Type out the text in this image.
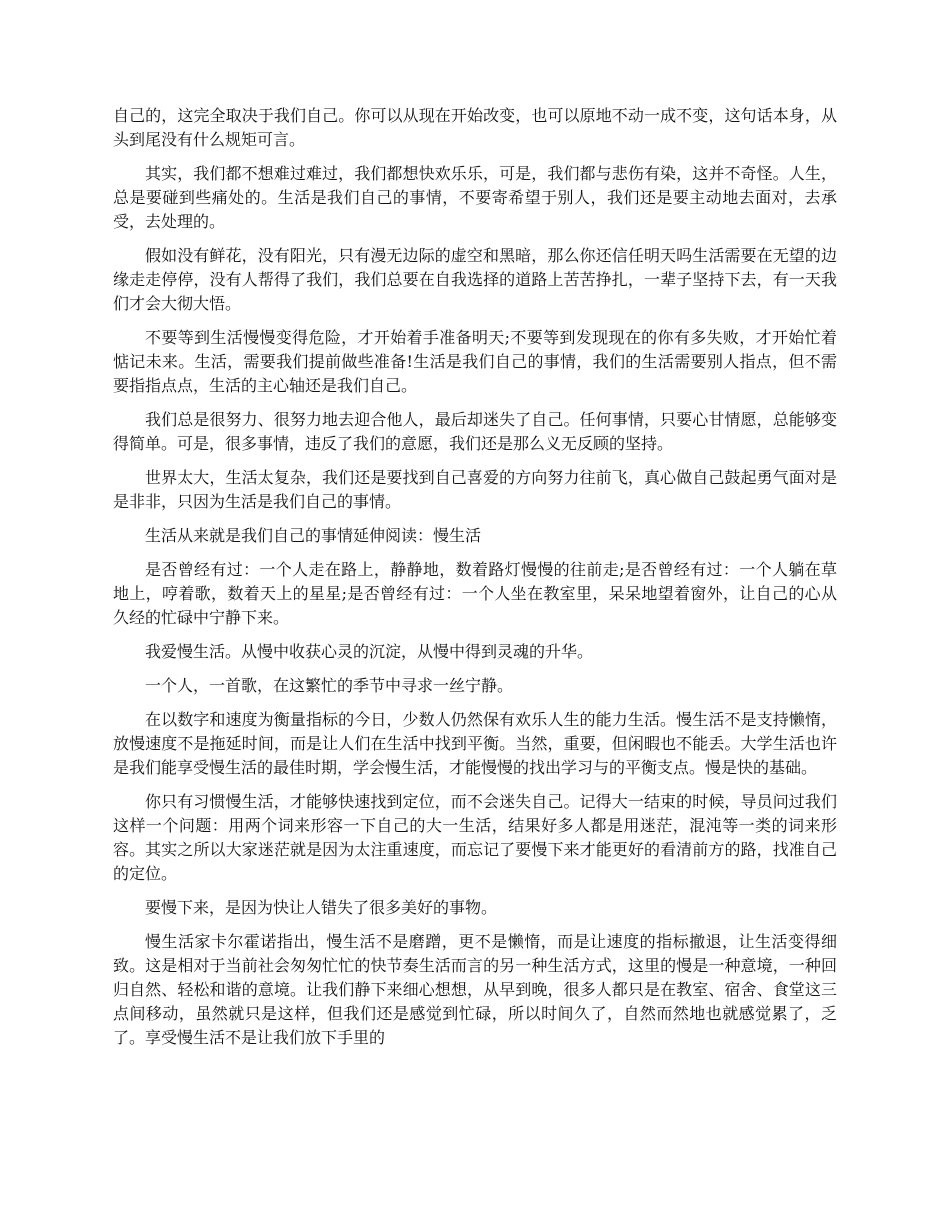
自己的，这完全取决于我们自己。你可以从现在开始改变，也可以原地不动一成不变，这句话本身，从头到尾没有什么规矩可言。

其实，我们都不想难过难过，我们都想快欢乐乐，可是，我们都与悲伤有染，这并不奇怪。人生，总是要碰到些痛处的。生活是我们自己的事情，不要寄希望于别人，我们还是要主动地去面对，去承受，去处理的。

假如没有鲜花，没有阳光，只有漫无边际的虚空和黑暗，那么你还信任明天吗生活需要在无望的边缘走走停停，没有人帮得了我们，我们总要在自我选择的道路上苦苦挣扎，一辈子坚持下去，有一天我们才会大彻大悟。

不要等到生活慢慢变得危险，才开始着手准备明天;不要等到发现现在的你有多失败，才开始忙着惦记未来。生活，需要我们提前做些准备!生活是我们自己的事情，我们的生活需要别人指点，但不需要指指点点，生活的主心轴还是我们自己。

我们总是很努力、很努力地去迎合他人，最后却迷失了自己。任何事情，只要心甘情愿，总能够变得简单。可是，很多事情，违反了我们的意愿，我们还是那么义无反顾的坚持。

世界太大，生活太复杂，我们还是要找到自己喜爱的方向努力往前飞，真心做自己鼓起勇气面对是是非非，只因为生活是我们自己的事情。

生活从来就是我们自己的事情延伸阅读：慢生活

是否曾经有过：一个人走在路上，静静地，数着路灯慢慢的往前走;是否曾经有过：一个人躺在草地上，哼着歌，数着天上的星星;是否曾经有过：一个人坐在教室里，呆呆地望着窗外，让自己的心从久经的忙碌中宁静下来。

我爱慢生活。从慢中收获心灵的沉淀，从慢中得到灵魂的升华。

一个人，一首歌，在这繁忙的季节中寻求一丝宁静。

在以数字和速度为衡量指标的今日，少数人仍然保有欢乐人生的能力生活。慢生活不是支持懒惰，放慢速度不是拖延时间，而是让人们在生活中找到平衡。当然，重要，但闲暇也不能丢。大学生活也许是我们能享受慢生活的最佳时期，学会慢生活，才能慢慢的找出学习与的平衡支点。慢是快的基础。

你只有习惯慢生活，才能够快速找到定位，而不会迷失自己。记得大一结束的时候，导员问过我们这样一个问题：用两个词来形容一下自己的大一生活，结果好多人都是用迷茫，混沌等一类的词来形容。其实之所以大家迷茫就是因为太注重速度，而忘记了要慢下来才能更好的看清前方的路，找准自己的定位。

要慢下来，是因为快让人错失了很多美好的事物。

慢生活家卡尔霍诺指出，慢生活不是磨蹭，更不是懒惰，而是让速度的指标撤退，让生活变得细致。这是相对于当前社会匆匆忙忙的快节奏生活而言的另一种生活方式，这里的慢是一种意境，一种回归自然、轻松和谐的意境。让我们静下来细心想想，从早到晚，很多人都只是在教室、宿舍、食堂这三点间移动，虽然就只是这样，但我们还是感觉到忙碌，所以时间久了，自然而然地也就感觉累了，乏了。享受慢生活不是让我们放下手里的
